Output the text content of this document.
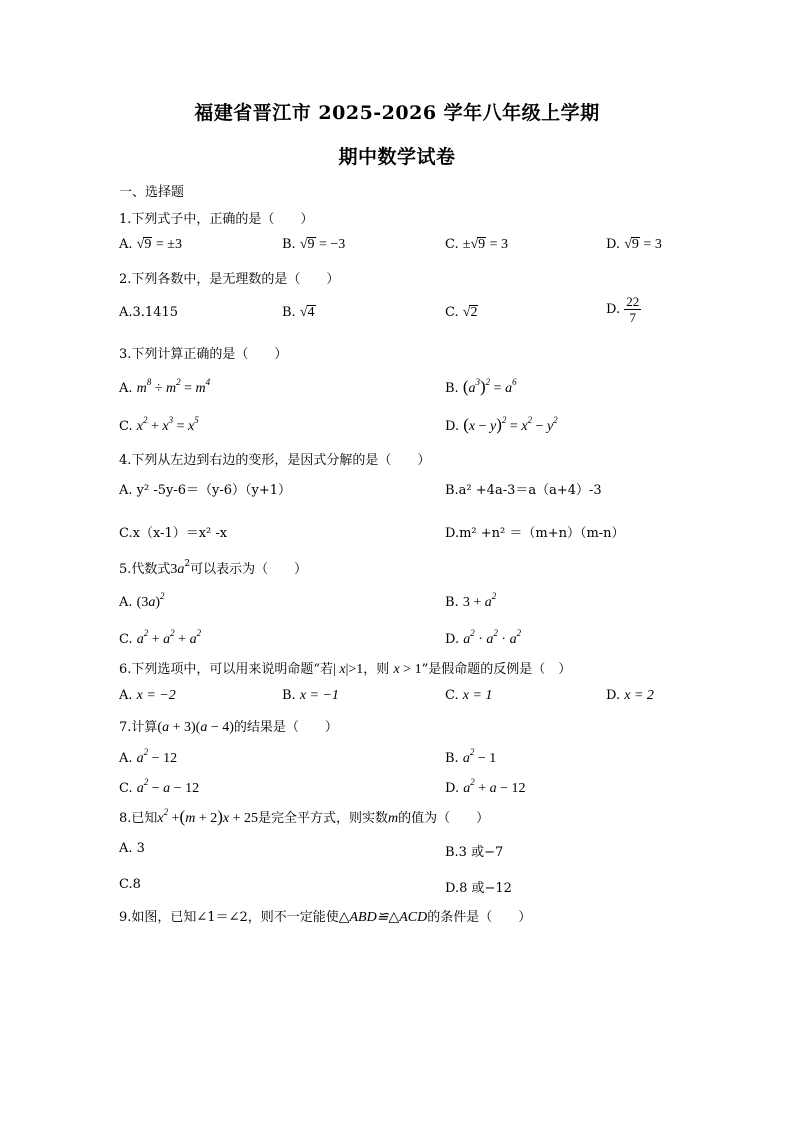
福建省晋江市 2025-2026 学年八年级上学期
期中数学试卷
一、选择题
1.下列式子中，正确的是（　　）
A. √9 = ±3	B. √9 = −3	C. ±√9 = 3	D. √9 = 3
2.下列各数中，是无理数的是（　　）
A.3.1415	B. √4	C. √2	D. $\frac{22}{7}$
3.下列计算正确的是（　　）
A. $m^8 \div m^2 = m^4$	B. $(a^3)^2 = a^6$
C. $x^2 + x^3 = x^5$	D. $(x - y)^2 = x^2 - y^2$
4.下列从左边到右边的变形，是因式分解的是（　　）
A. y² -5y-6＝（y-6）（y+1）	B.a² +4a-3＝a（a+4）-3
C.x（x-1）＝x² -x	D.m² +n² ＝（m+n）（m-n）
5.代数式$3a^2$可以表示为（　　）
A. $(3a)^2$	B. $3 + a^2$
C. $a^2 + a^2 + a^2$	D. $a^2 \cdot a^2 \cdot a^2$
6.下列选项中，可以用来说明命题“若| x|>1，则 x > 1”是假命题的反例是（　）
A. x = −2	B. x = −1	C. x = 1	D. x = 2
7.计算(a + 3)(a − 4)的结果是（　　）
A. $a^2 - 12$	B. $a^2 - 1$
C. $a^2 - a - 12$	D. $a^2 + a - 12$
8.已知$x^2 +(m + 2)x + 25$是完全平方式，则实数m的值为（　　）
A. 3	B.3 或−7
C.8	D.8 或−12
9.如图，已知∠1＝∠2，则不一定能使△ABD≌△ACD的条件是（　　）
